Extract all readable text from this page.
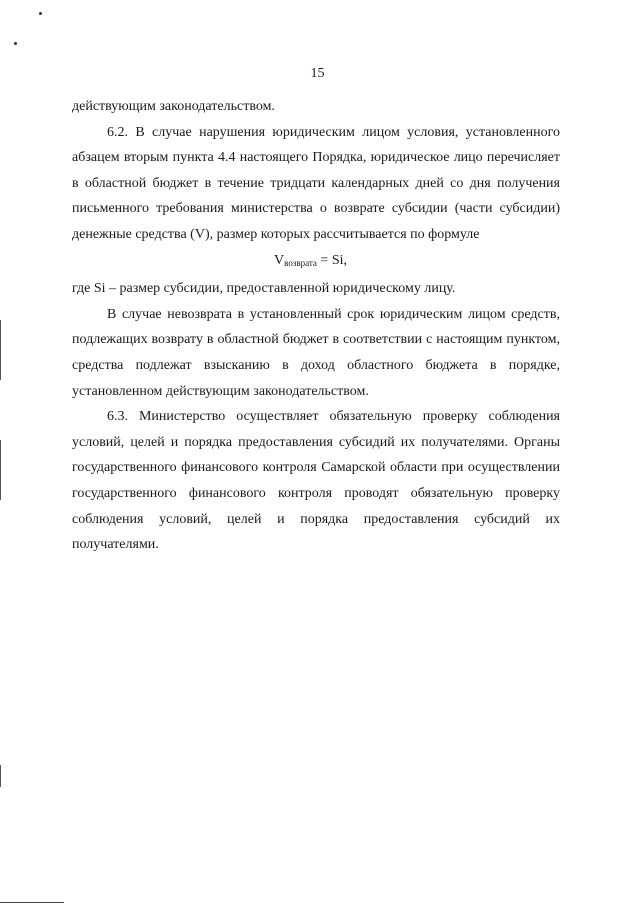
15

действующим законодательством.

6.2. В случае нарушения юридическим лицом условия, установленного абзацем вторым пункта 4.4 настоящего Порядка, юридическое лицо перечисляет в областной бюджет в течение тридцати календарных дней со дня получения письменного требования министерства о возврате субсидии (части субсидии) денежные средства (V), размер которых рассчитывается по формуле

$V_{возврата} = Si$,

где Si – размер субсидии, предоставленной юридическому лицу.

В случае невозврата в установленный срок юридическим лицом средств, подлежащих возврату в областной бюджет в соответствии с настоящим пунктом, средства подлежат взысканию в доход областного бюджета в порядке, установленном действующим законодательством.

6.3. Министерство осуществляет обязательную проверку соблюдения условий, целей и порядка предоставления субсидий их получателями. Органы государственного финансового контроля Самарской области при осуществлении государственного финансового контроля проводят обязательную проверку соблюдения условий, целей и порядка предоставления субсидий их получателями.
